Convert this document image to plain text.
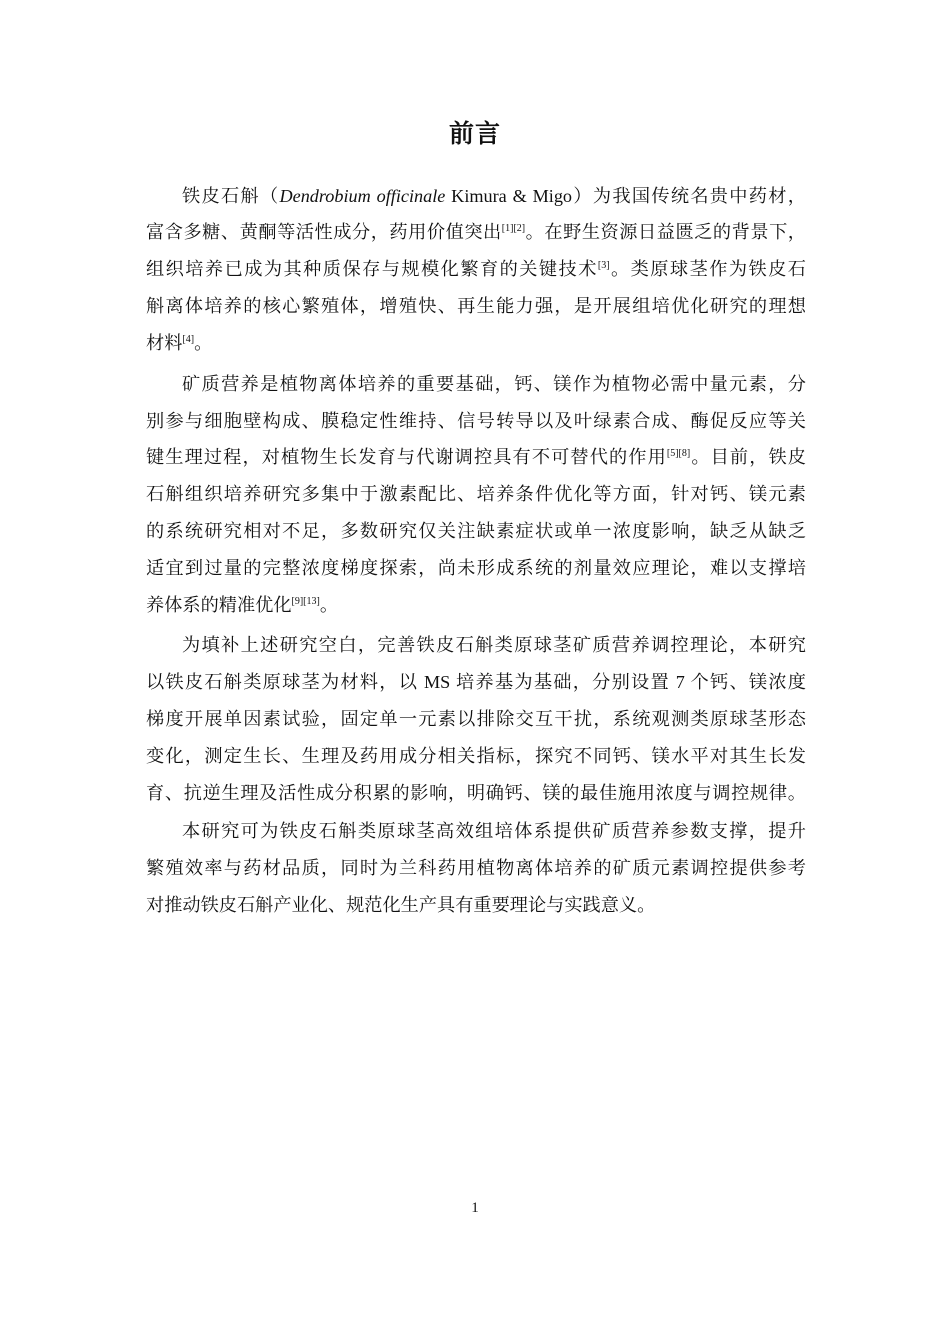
前言
铁皮石斛（Dendrobium officinale Kimura & Migo）为我国传统名贵中药材，
富含多糖、黄酮等活性成分，药用价值突出[1][2]。在野生资源日益匮乏的背景下，
组织培养已成为其种质保存与规模化繁育的关键技术[3]。类原球茎作为铁皮石
斛离体培养的核心繁殖体，增殖快、再生能力强，是开展组培优化研究的理想
材料[4]。
矿质营养是植物离体培养的重要基础，钙、镁作为植物必需中量元素，分
别参与细胞壁构成、膜稳定性维持、信号转导以及叶绿素合成、酶促反应等关
键生理过程，对植物生长发育与代谢调控具有不可替代的作用[5][8]。目前，铁皮
石斛组织培养研究多集中于激素配比、培养条件优化等方面，针对钙、镁元素
的系统研究相对不足，多数研究仅关注缺素症状或单一浓度影响，缺乏从缺乏
适宜到过量的完整浓度梯度探索，尚未形成系统的剂量效应理论，难以支撑培
养体系的精准优化[9][13]。
为填补上述研究空白，完善铁皮石斛类原球茎矿质营养调控理论，本研究
以铁皮石斛类原球茎为材料，以 MS 培养基为基础，分别设置 7 个钙、镁浓度
梯度开展单因素试验，固定单一元素以排除交互干扰，系统观测类原球茎形态
变化，测定生长、生理及药用成分相关指标，探究不同钙、镁水平对其生长发
育、抗逆生理及活性成分积累的影响，明确钙、镁的最佳施用浓度与调控规律。
本研究可为铁皮石斛类原球茎高效组培体系提供矿质营养参数支撑，提升
繁殖效率与药材品质，同时为兰科药用植物离体培养的矿质元素调控提供参考
对推动铁皮石斛产业化、规范化生产具有重要理论与实践意义。
1
